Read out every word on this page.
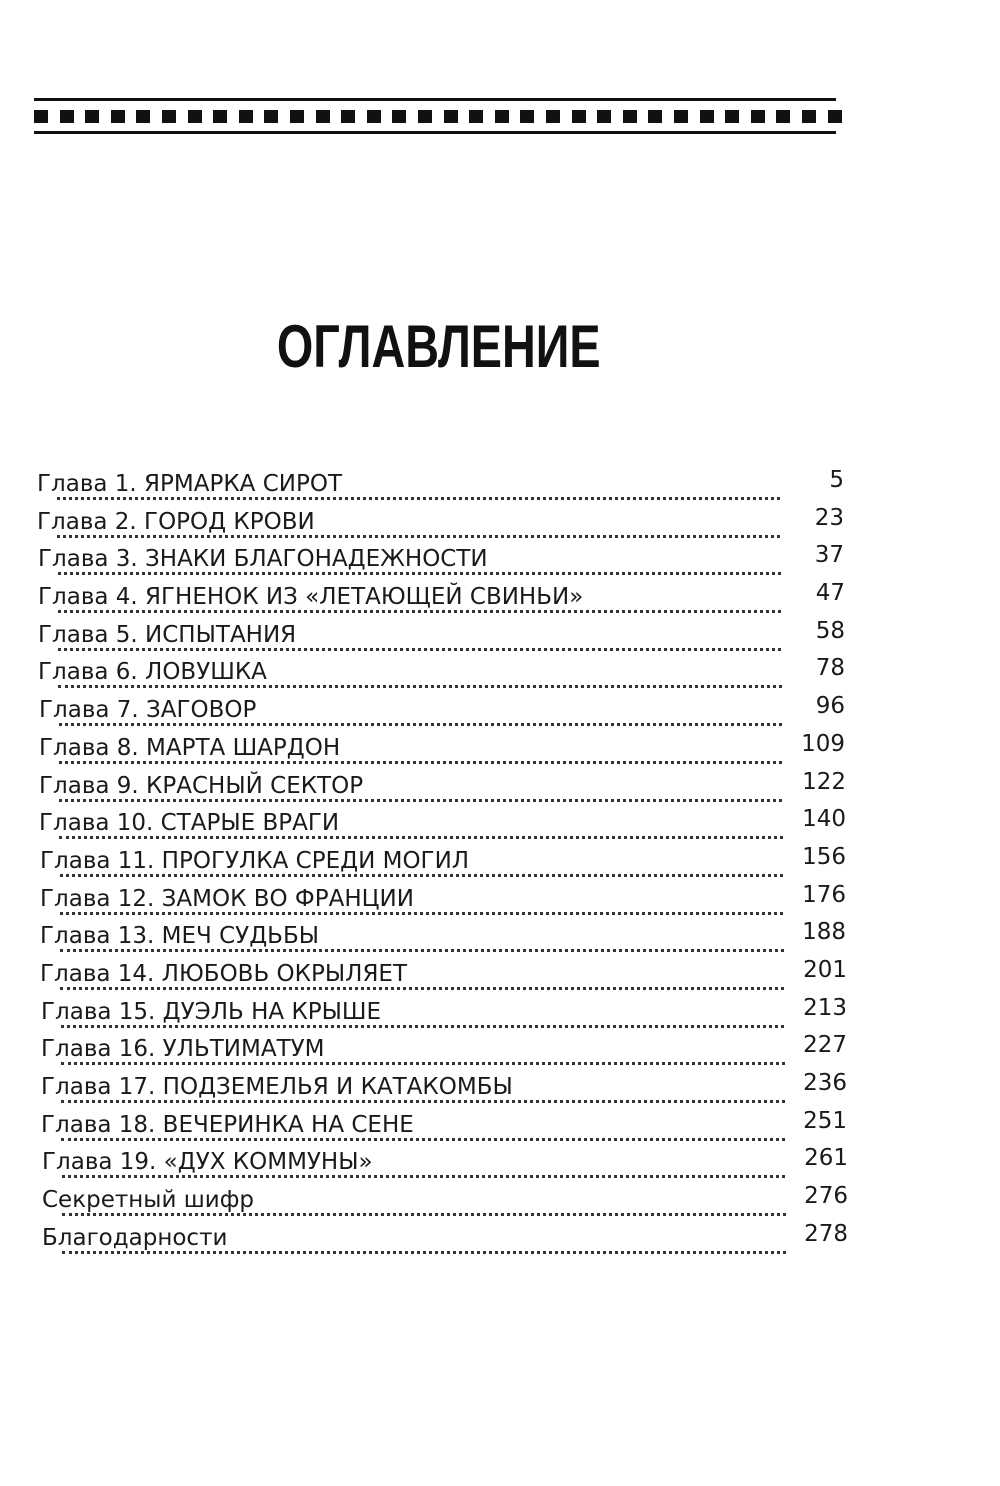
ОГЛАВЛЕНИЕ
Глава 1. ЯРМАРКА СИРОТ	5
Глава 2. ГОРОД КРОВИ	23
Глава 3. ЗНАКИ БЛАГОНАДЕЖНОСТИ	37
Глава 4. ЯГНЕНОК ИЗ «ЛЕТАЮЩЕЙ СВИНЬИ»	47
Глава 5. ИСПЫТАНИЯ	58
Глава 6. ЛОВУШКА	78
Глава 7. ЗАГОВОР	96
Глава 8. МАРТА ШАРДОН	109
Глава 9. КРАСНЫЙ СЕКТОР	122
Глава 10. СТАРЫЕ ВРАГИ	140
Глава 11. ПРОГУЛКА СРЕДИ МОГИЛ	156
Глава 12. ЗАМОК ВО ФРАНЦИИ	176
Глава 13. МЕЧ СУДЬБЫ	188
Глава 14. ЛЮБОВЬ ОКРЫЛЯЕТ	201
Глава 15. ДУЭЛЬ НА КРЫШЕ	213
Глава 16. УЛЬТИМАТУМ	227
Глава 17. ПОДЗЕМЕЛЬЯ И КАТАКОМБЫ	236
Глава 18. ВЕЧЕРИНКА НА СЕНЕ	251
Глава 19. «ДУХ КОММУНЫ»	261
Секретный шифр	276
Благодарности	278
